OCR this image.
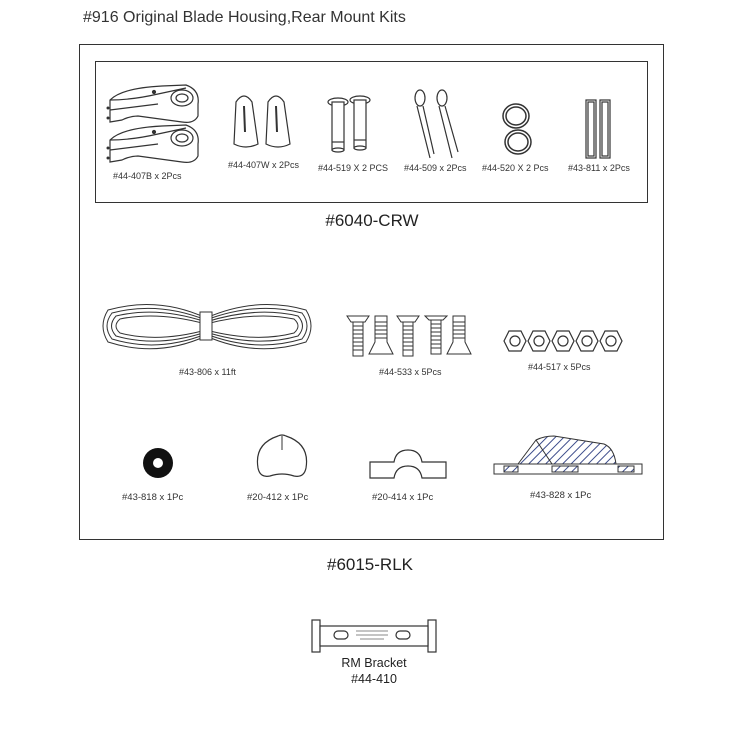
#916 Original Blade Housing,Rear Mount Kits
#44-407B x 2Pcs
#44-407W x 2Pcs #44-519 X 2 PCS #44-509 x 2Pcs #44-520 X 2 Pcs #43-811 x 2Pcs
#6040-CRW
#43-806 x 11ft	#44-533 x 5Pcs	#44-517 x 5Pcs
#43-818 x 1Pc	#20-412 x 1Pc	#20-414 x 1Pc	#43-828 x 1Pc
#6015-RLK
RM Bracket
#44-410
